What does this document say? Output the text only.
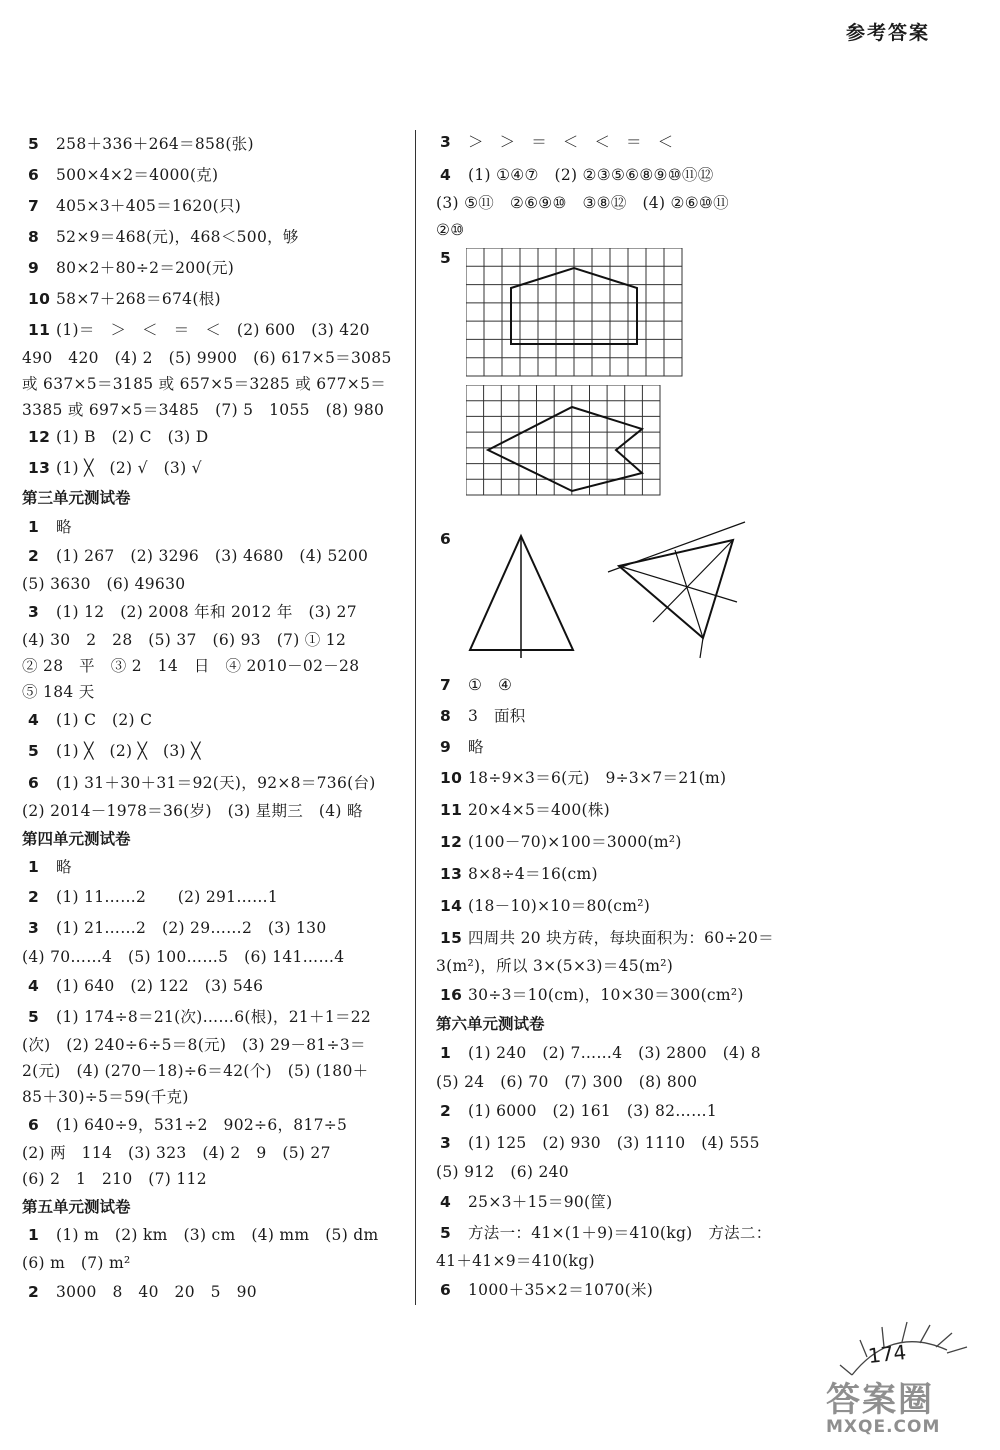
参考答案
5 258＋336＋264＝858(张)
6 500×4×2＝4000(克)
7 405×3＋405＝1620(只)
8 52×9＝468(元)，468＜500，够
9 80×2＋80÷2＝200(元)
10 58×7＋268＝674(根)
11 (1)＝　＞　＜　＝　＜　(2) 600　(3) 420
490　420　(4) 2　(5) 9900　(6) 617×5＝3085
或 637×5＝3185 或 657×5＝3285 或 677×5＝
3385 或 697×5＝3485　(7) 5　1055　(8) 980
12 (1) B　(2) C　(3) D
13 (1) ╳　(2) √　(3) √
第三单元测试卷
1 略
2 (1) 267　(2) 3296　(3) 4680　(4) 5200
(5) 3630　(6) 49630
3 (1) 12　(2) 2008 年和 2012 年　(3) 27
(4) 30　2　28　(5) 37　(6) 93　(7) ① 12
② 28　平　③ 2　14　日　④ 2010－02－28
⑤ 184 天
4 (1) C　(2) C
5 (1) ╳　(2) ╳　(3) ╳
6 (1) 31＋30＋31＝92(天)，92×8＝736(台)
(2) 2014－1978＝36(岁)　(3) 星期三　(4) 略
第四单元测试卷
1 略
2 (1) 11……2　　(2) 291……1
3 (1) 21……2　(2) 29……2　(3) 130
(4) 70……4　(5) 100……5　(6) 141……4
4 (1) 640　(2) 122　(3) 546
5 (1) 174÷8＝21(次)……6(根)，21＋1＝22
(次)　(2) 240÷6÷5＝8(元)　(3) 29－81÷3＝
2(元)　(4) (270－18)÷6＝42(个)　(5) (180＋
85＋30)÷5＝59(千克)
6 (1) 640÷9，531÷2　902÷6，817÷5
(2) 两　114　(3) 323　(4) 2　9　(5) 27
(6) 2　1　210　(7) 112
第五单元测试卷
1 (1) m　(2) km　(3) cm　(4) mm　(5) dm
(6) m　(7) m²
2 3000　8　40　20　5　90
3 ＞　＞　＝　＜　＜　＝　＜
4 (1) ①④⑦　(2) ②③⑤⑥⑧⑨⑩⑪⑫
(3) ⑤⑪　②⑥⑨⑩　③⑧⑫　(4) ②⑥⑩⑪
②⑩
5
6
7 ①　④
8 3　面积
9 略
10 18÷9×3＝6(元)　9÷3×7＝21(m)
11 20×4×5＝400(株)
12 (100－70)×100＝3000(m²)
13 8×8÷4＝16(cm)
14 (18－10)×10＝80(cm²)
15 四周共 20 块方砖，每块面积为：60÷20＝
3(m²)，所以 3×(5×3)＝45(m²)
16 30÷3＝10(cm)，10×30＝300(cm²)
第六单元测试卷
1 (1) 240　(2) 7……4　(3) 2800　(4) 8
(5) 24　(6) 70　(7) 300　(8) 800
2 (1) 6000　(2) 161　(3) 82……1
3 (1) 125　(2) 930　(3) 1110　(4) 555
(5) 912　(6) 240
4 25×3＋15＝90(筐)
5 方法一：41×(1＋9)＝410(kg)　方法二：
41＋41×9＝410(kg)
6 1000＋35×2＝1070(米)
174
答案圈
MXQE.COM
